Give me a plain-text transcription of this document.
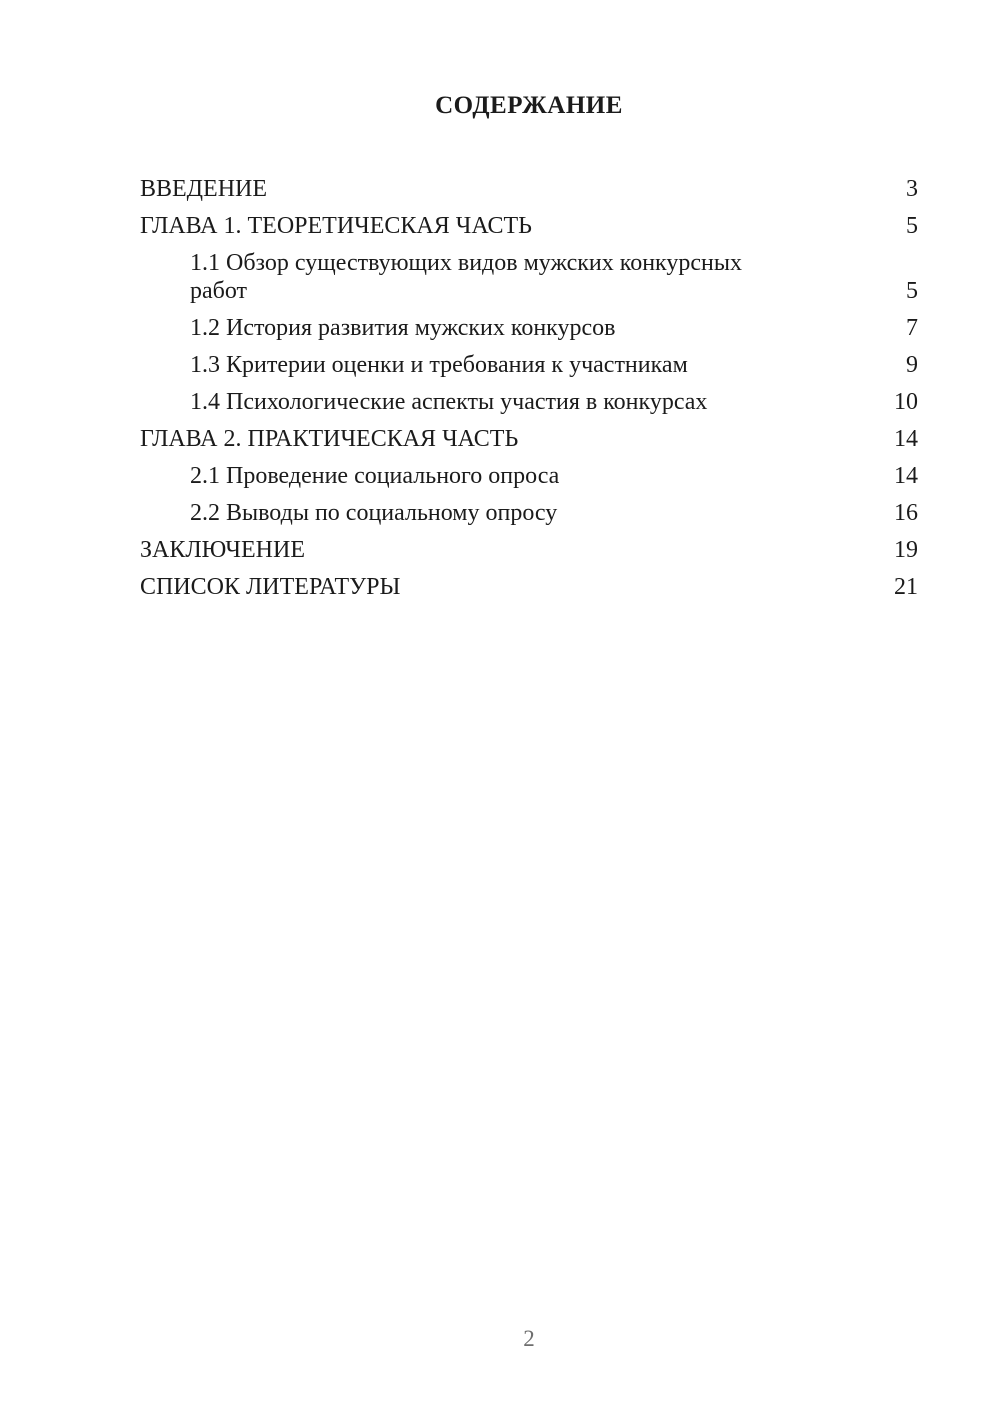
СОДЕРЖАНИЕ
ВВЕДЕНИЕ	3
ГЛАВА 1. ТЕОРЕТИЧЕСКАЯ ЧАСТЬ	5
1.1 Обзор существующих видов мужских конкурсных
работ	5
1.2 История развития мужских конкурсов	7
1.3 Критерии оценки и требования к участникам	9
1.4 Психологические аспекты участия в конкурсах	10
ГЛАВА 2. ПРАКТИЧЕСКАЯ ЧАСТЬ	14
2.1 Проведение социального опроса	14
2.2 Выводы по социальному опросу	16
ЗАКЛЮЧЕНИЕ	19
СПИСОК ЛИТЕРАТУРЫ	21
2
